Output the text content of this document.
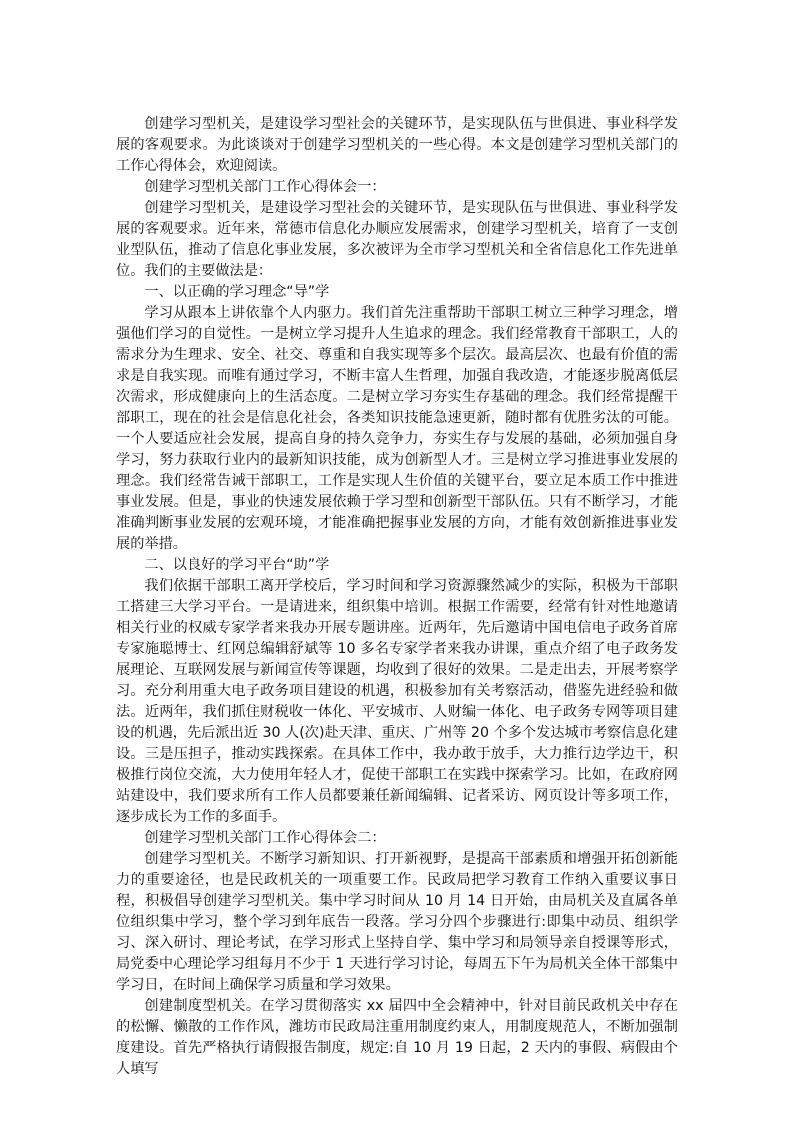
创建学习型机关，是建设学习型社会的关键环节，是实现队伍与世俱进、事业科学发展的客观要求。为此谈谈对于创建学习型机关的一些心得。本文是创建学习型机关部门的工作心得体会，欢迎阅读。

创建学习型机关部门工作心得体会一：

创建学习型机关，是建设学习型社会的关键环节，是实现队伍与世俱进、事业科学发展的客观要求。近年来，常德市信息化办顺应发展需求，创建学习型机关，培育了一支创业型队伍，推动了信息化事业发展，多次被评为全市学习型机关和全省信息化工作先进单位。我们的主要做法是：

一、以正确的学习理念“导”学

学习从跟本上讲依靠个人内驱力。我们首先注重帮助干部职工树立三种学习理念，增强他们学习的自觉性。一是树立学习提升人生追求的理念。我们经常教育干部职工，人的需求分为生理求、安全、社交、尊重和自我实现等多个层次。最高层次、也最有价值的需求是自我实现。而唯有通过学习，不断丰富人生哲理，加强自我改造，才能逐步脱离低层次需求，形成健康向上的生活态度。二是树立学习夯实生存基础的理念。我们经常提醒干部职工，现在的社会是信息化社会，各类知识技能急速更新，随时都有优胜劣汰的可能。一个人要适应社会发展，提高自身的持久竞争力，夯实生存与发展的基础，必须加强自身学习，努力获取行业内的最新知识技能，成为创新型人才。三是树立学习推进事业发展的理念。我们经常告诫干部职工，工作是实现人生价值的关键平台，要立足本质工作中推进事业发展。但是，事业的快速发展依赖于学习型和创新型干部队伍。只有不断学习，才能准确判断事业发展的宏观环境，才能准确把握事业发展的方向，才能有效创新推进事业发展的举措。

二、以良好的学习平台“助”学

我们依据干部职工离开学校后，学习时间和学习资源骤然减少的实际，积极为干部职工搭建三大学习平台。一是请进来，组织集中培训。根据工作需要，经常有针对性地邀请相关行业的权威专家学者来我办开展专题讲座。近两年，先后邀请中国电信电子政务首席专家施聪博士、红网总编辑舒斌等 10 多名专家学者来我办讲课，重点介绍了电子政务发展理论、互联网发展与新闻宣传等课题，均收到了很好的效果。二是走出去，开展考察学习。充分利用重大电子政务项目建设的机遇，积极参加有关考察活动，借鉴先进经验和做法。近两年，我们抓住财税收一体化、平安城市、人财编一体化、电子政务专网等项目建设的机遇，先后派出近 30 人(次)赴天津、重庆、广州等 20 个多个发达城市考察信息化建设。三是压担子，推动实践探索。在具体工作中，我办敢于放手，大力推行边学边干，积极推行岗位交流，大力使用年轻人才，促使干部职工在实践中探索学习。比如，在政府网站建设中，我们要求所有工作人员都要兼任新闻编辑、记者采访、网页设计等多项工作，逐步成长为工作的多面手。

创建学习型机关部门工作心得体会二：

创建学习型机关。不断学习新知识、打开新视野，是提高干部素质和增强开拓创新能力的重要途径，也是民政机关的一项重要工作。民政局把学习教育工作纳入重要议事日程，积极倡导创建学习型机关。集中学习时间从 10 月 14 日开始，由局机关及直属各单位组织集中学习，整个学习到年底告一段落。学习分四个步骤进行:即集中动员、组织学习、深入研讨、理论考试，在学习形式上坚持自学、集中学习和局领导亲自授课等形式，局党委中心理论学习组每月不少于 1 天进行学习讨论，每周五下午为局机关全体干部集中学习日，在时间上确保学习质量和学习效果。

创建制度型机关。在学习贯彻落实 xx 届四中全会精神中，针对目前民政机关中存在的松懈、懒散的工作作风，潍坊市民政局注重用制度约束人，用制度规范人，不断加强制度建设。首先严格执行请假报告制度，规定:自 10 月 19 日起，2 天内的事假、病假由个人填写
